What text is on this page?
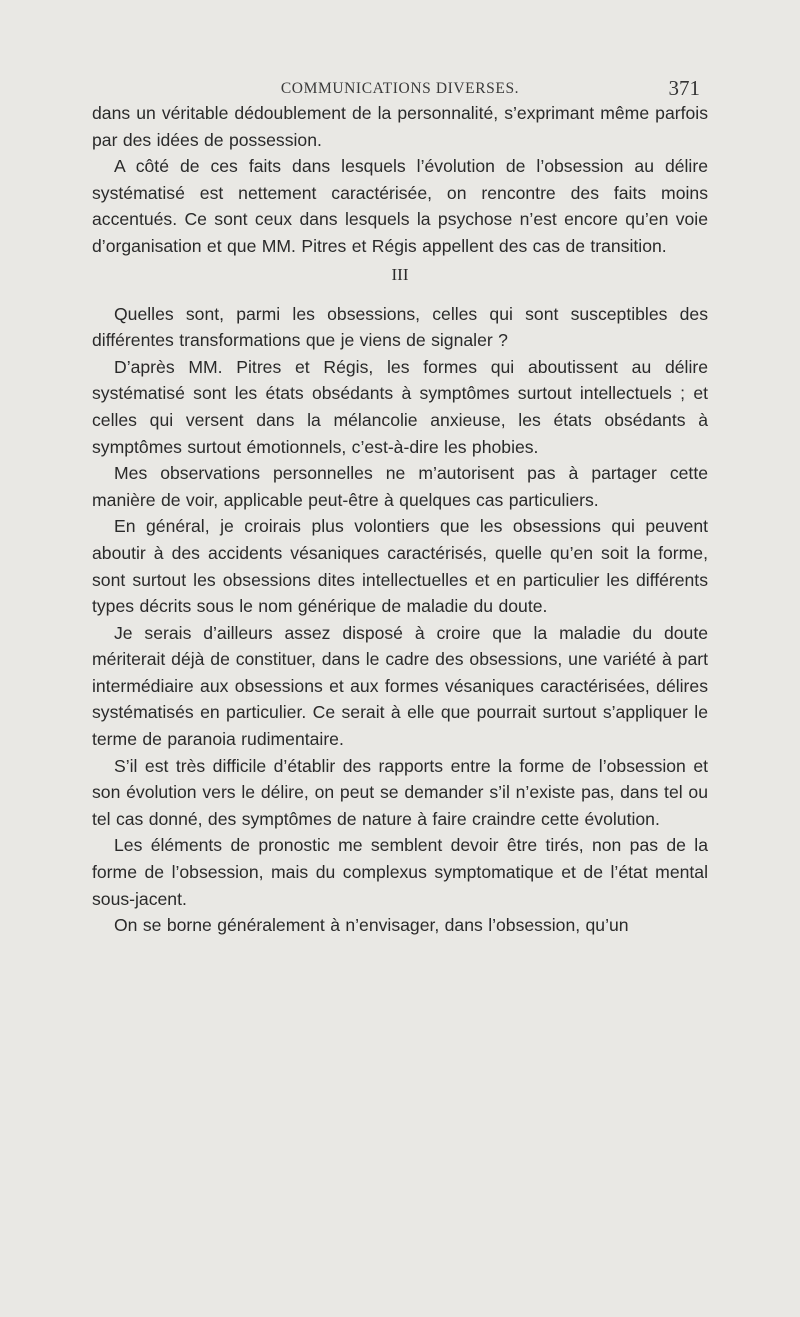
COMMUNICATIONS DIVERSES.	371

dans un véritable dédoublement de la personnalité, s’exprimant même parfois par des idées de possession.

A côté de ces faits dans lesquels l’évolution de l’obsession au délire systématisé est nettement caractérisée, on rencontre des faits moins accentués. Ce sont ceux dans lesquels la psychose n’est encore qu’en voie d’organisation et que MM. Pitres et Régis appellent des cas de transition.

III

Quelles sont, parmi les obsessions, celles qui sont susceptibles des différentes transformations que je viens de signaler ?

D’après MM. Pitres et Régis, les formes qui aboutissent au délire systématisé sont les états obsédants à symptômes surtout intellectuels ; et celles qui versent dans la mélancolie anxieuse, les états obsédants à symptômes surtout émotionnels, c’est-à-dire les phobies.

Mes observations personnelles ne m’autorisent pas à partager cette manière de voir, applicable peut-être à quelques cas particuliers.

En général, je croirais plus volontiers que les obsessions qui peuvent aboutir à des accidents vésaniques caractérisés, quelle qu’en soit la forme, sont surtout les obsessions dites intellectuelles et en particulier les différents types décrits sous le nom générique de maladie du doute.

Je serais d’ailleurs assez disposé à croire que la maladie du doute mériterait déjà de constituer, dans le cadre des obsessions, une variété à part intermédiaire aux obsessions et aux formes vésaniques caractérisées, délires systématisés en particulier. Ce serait à elle que pourrait surtout s’appliquer le terme de paranoia rudimentaire.

S’il est très difficile d’établir des rapports entre la forme de l’obsession et son évolution vers le délire, on peut se demander s’il n’existe pas, dans tel ou tel cas donné, des symptômes de nature à faire craindre cette évolution.

Les éléments de pronostic me semblent devoir être tirés, non pas de la forme de l’obsession, mais du complexus symptomatique et de l’état mental sous-jacent.

On se borne généralement à n’envisager, dans l’obsession, qu’un
